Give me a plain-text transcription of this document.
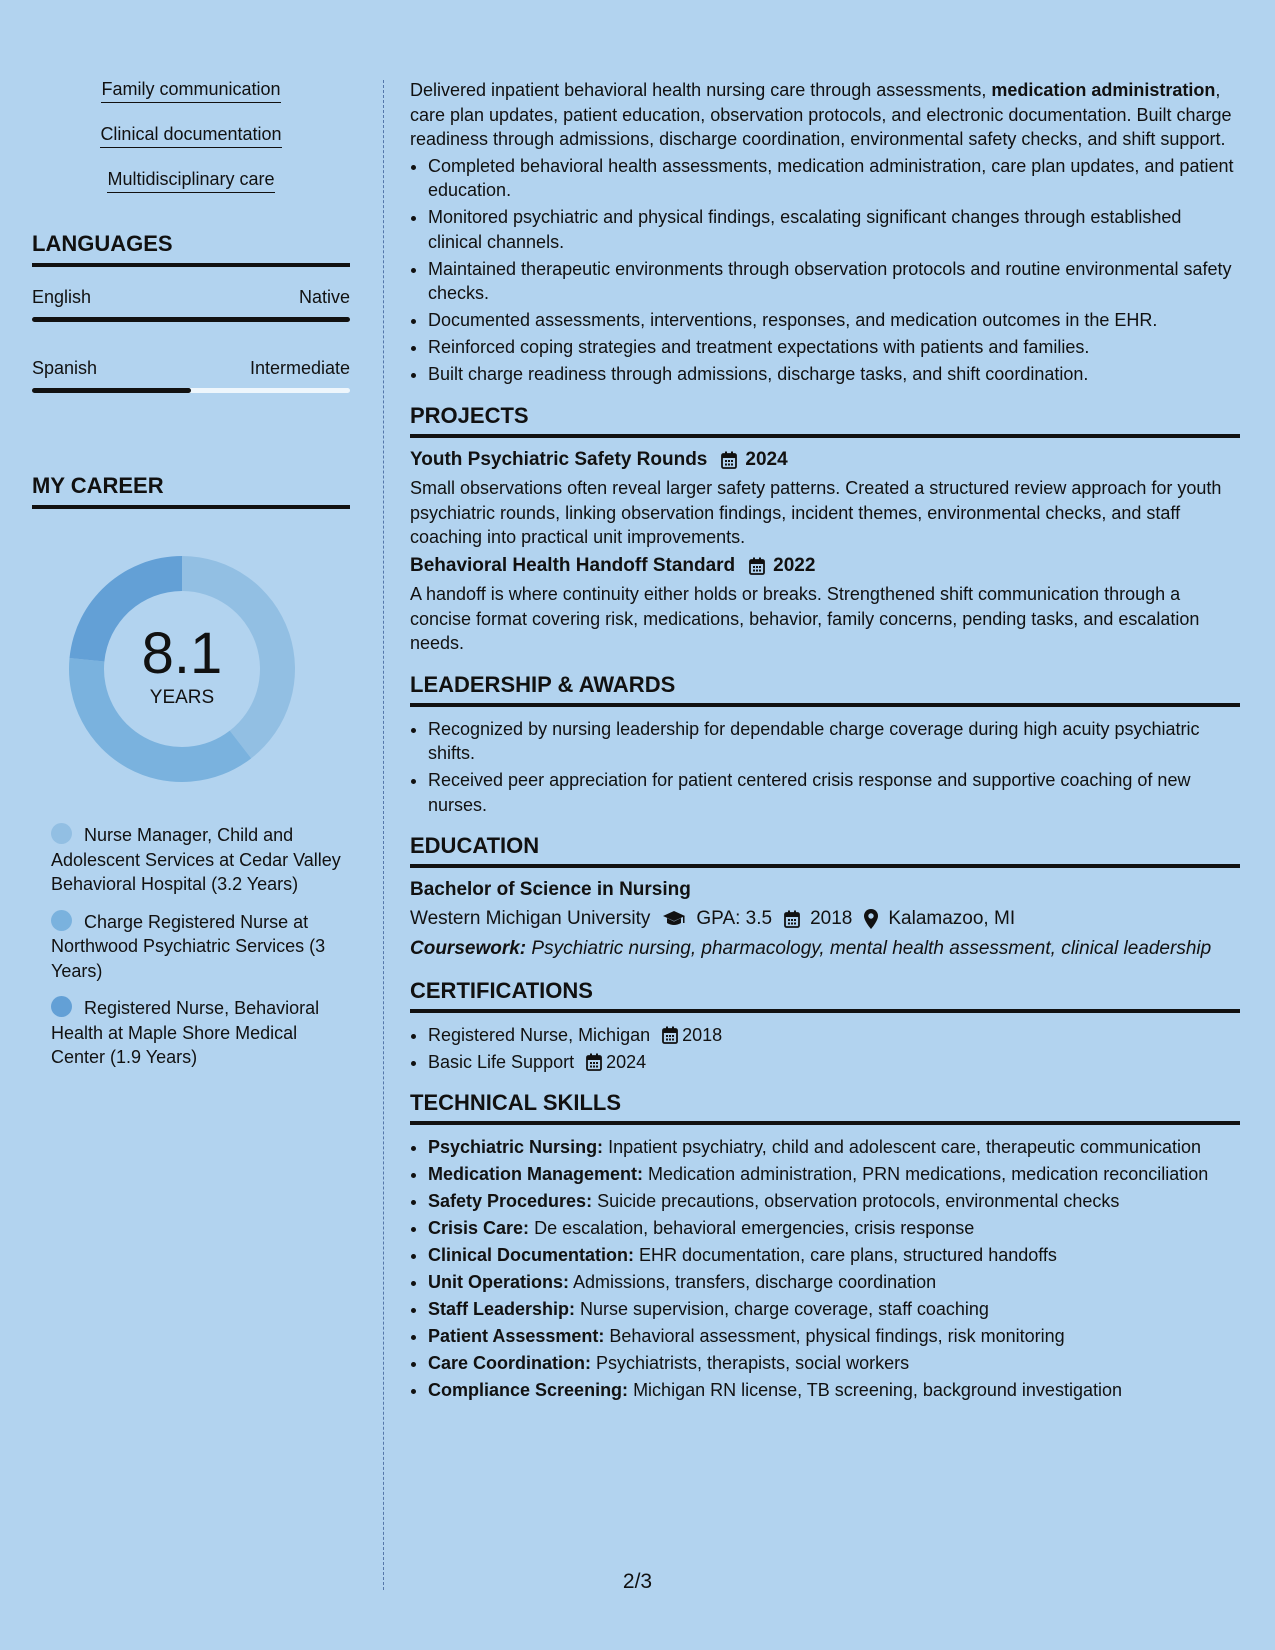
Family communication
Clinical documentation
Multidisciplinary care
LANGUAGES
English	Native
Spanish	Intermediate
MY CAREER
8.1
YEARS
Nurse Manager, Child and Adolescent Services at Cedar Valley Behavioral Hospital (3.2 Years)
Charge Registered Nurse at Northwood Psychiatric Services (3 Years)
Registered Nurse, Behavioral Health at Maple Shore Medical Center (1.9 Years)

Delivered inpatient behavioral health nursing care through assessments, medication administration, care plan updates, patient education, observation protocols, and electronic documentation. Built charge readiness through admissions, discharge coordination, environmental safety checks, and shift support.

• Completed behavioral health assessments, medication administration, care plan updates, and patient education.
• Monitored psychiatric and physical findings, escalating significant changes through established clinical channels.
• Maintained therapeutic environments through observation protocols and routine environmental safety checks.
• Documented assessments, interventions, responses, and medication outcomes in the EHR.
• Reinforced coping strategies and treatment expectations with patients and families.
• Built charge readiness through admissions, discharge tasks, and shift coordination.
PROJECTS
Youth Psychiatric Safety Rounds 2024

Small observations often reveal larger safety patterns. Created a structured review approach for youth psychiatric rounds, linking observation findings, incident themes, environmental checks, and staff coaching into practical unit improvements.

Behavioral Health Handoff Standard 2022

A handoff is where continuity either holds or breaks. Strengthened shift communication through a concise format covering risk, medications, behavior, family concerns, pending tasks, and escalation needs.

LEADERSHIP & AWARDS
• Recognized by nursing leadership for dependable charge coverage during high acuity psychiatric shifts.
• Received peer appreciation for patient centered crisis response and supportive coaching of new nurses.
EDUCATION
Bachelor of Science in Nursing
Western Michigan University GPA: 3.5 2018 Kalamazoo, MI
Coursework: Psychiatric nursing, pharmacology, mental health assessment, clinical leadership
CERTIFICATIONS
• Registered Nurse, Michigan 2018
• Basic Life Support 2024
TECHNICAL SKILLS
• Psychiatric Nursing: Inpatient psychiatry, child and adolescent care, therapeutic communication
• Medication Management: Medication administration, PRN medications, medication reconciliation
• Safety Procedures: Suicide precautions, observation protocols, environmental checks
• Crisis Care: De escalation, behavioral emergencies, crisis response
• Clinical Documentation: EHR documentation, care plans, structured handoffs
• Unit Operations: Admissions, transfers, discharge coordination
• Staff Leadership: Nurse supervision, charge coverage, staff coaching
• Patient Assessment: Behavioral assessment, physical findings, risk monitoring
• Care Coordination: Psychiatrists, therapists, social workers
• Compliance Screening: Michigan RN license, TB screening, background investigation
2/3
